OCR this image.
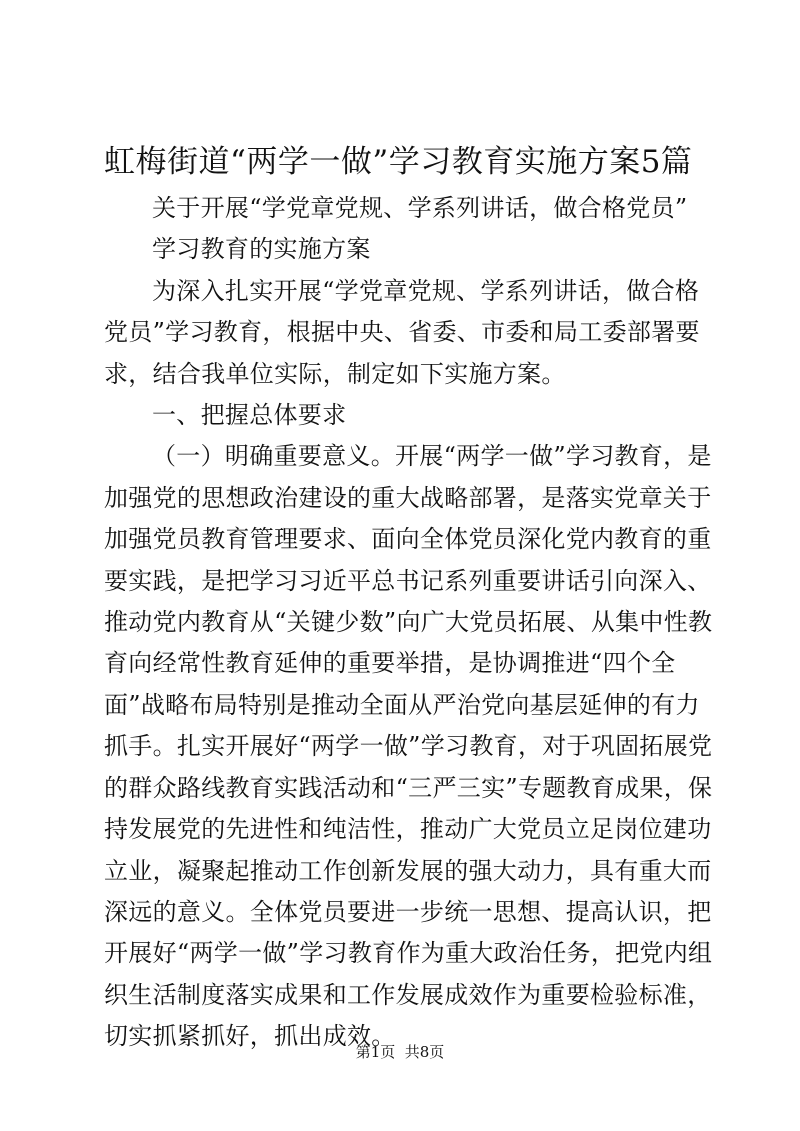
虹梅街道“两学一做”学习教育实施方案5篇

关于开展“学党章党规、学系列讲话，做合格党员”

学习教育的实施方案

为深入扎实开展“学党章党规、学系列讲话，做合格党员”学习教育，根据中央、省委、市委和局工委部署要求，结合我单位实际，制定如下实施方案。

一、把握总体要求

（一）明确重要意义。开展“两学一做”学习教育，是加强党的思想政治建设的重大战略部署，是落实党章关于加强党员教育管理要求、面向全体党员深化党内教育的重要实践，是把学习习近平总书记系列重要讲话引向深入、推动党内教育从“关键少数”向广大党员拓展、从集中性教育向经常性教育延伸的重要举措，是协调推进“四个全面”战略布局特别是推动全面从严治党向基层延伸的有力抓手。扎实开展好“两学一做”学习教育，对于巩固拓展党的群众路线教育实践活动和“三严三实”专题教育成果，保持发展党的先进性和纯洁性，推动广大党员立足岗位建功立业，凝聚起推动工作创新发展的强大动力，具有重大而深远的意义。全体党员要进一步统一思想、提高认识，把开展好“两学一做”学习教育作为重大政治任务，把党内组织生活制度落实成果和工作发展成效作为重要检验标准，切实抓紧抓好，抓出成效。

第1页  共8页
